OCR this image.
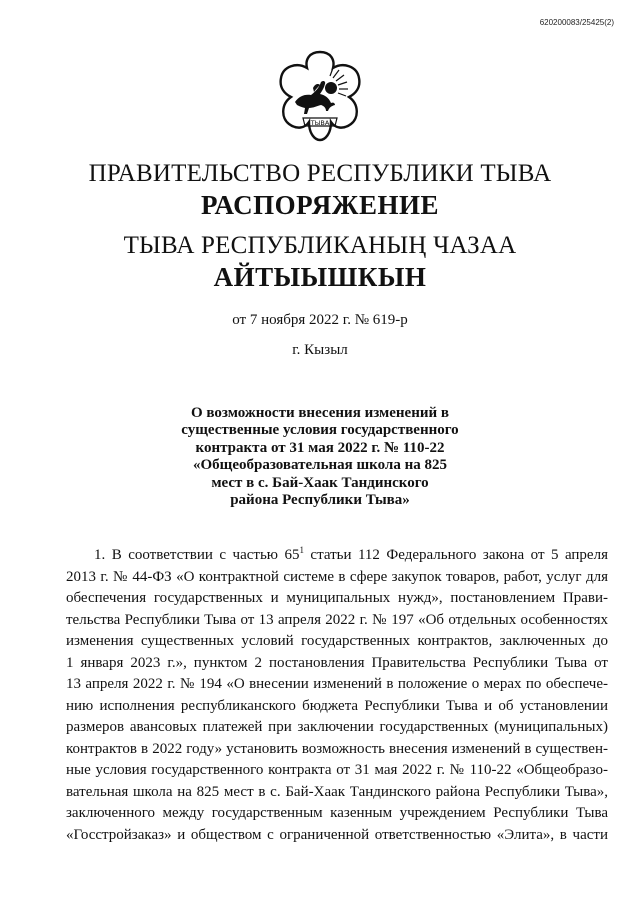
620200083/25425(2)
ТЫВА
ПРАВИТЕЛЬСТВО РЕСПУБЛИКИ ТЫВА
РАСПОРЯЖЕНИЕ
ТЫВА РЕСПУБЛИКАНЫҢ ЧАЗАА
АЙТЫЫШКЫН
от 7 ноября 2022 г. № 619-р
г. Кызыл
О возможности внесения изменений в
существенные условия государственного
контракта от 31 мая 2022 г. № 110-22
«Общеобразовательная школа на 825
мест в с. Бай-Хаак Тандинского
района Республики Тыва»
1. В соответствии с частью $65^1$ статьи 112 Федерального закона от 5 апреля
2013 г. № 44-ФЗ «О контрактной системе в сфере закупок товаров, работ, услуг для
обеспечения государственных и муниципальных нужд», постановлением Прави-
тельства Республики Тыва от 13 апреля 2022 г. № 197 «Об отдельных особенностях
изменения существенных условий государственных контрактов, заключенных до
1 января 2023 г.», пунктом 2 постановления Правительства Республики Тыва от
13 апреля 2022 г. № 194 «О внесении изменений в положение о мерах по обеспече-
нию исполнения республиканского бюджета Республики Тыва и об установлении
размеров авансовых платежей при заключении государственных (муниципальных)
контрактов в 2022 году» установить возможность внесения изменений в существен-
ные условия государственного контракта от 31 мая 2022 г. № 110-22 «Общеобразо-
вательная школа на 825 мест в с. Бай-Хаак Тандинского района Республики Тыва»,
заключенного между государственным казенным учреждением Республики Тыва
«Госстройзаказ» и обществом с ограниченной ответственностью «Элита», в части
